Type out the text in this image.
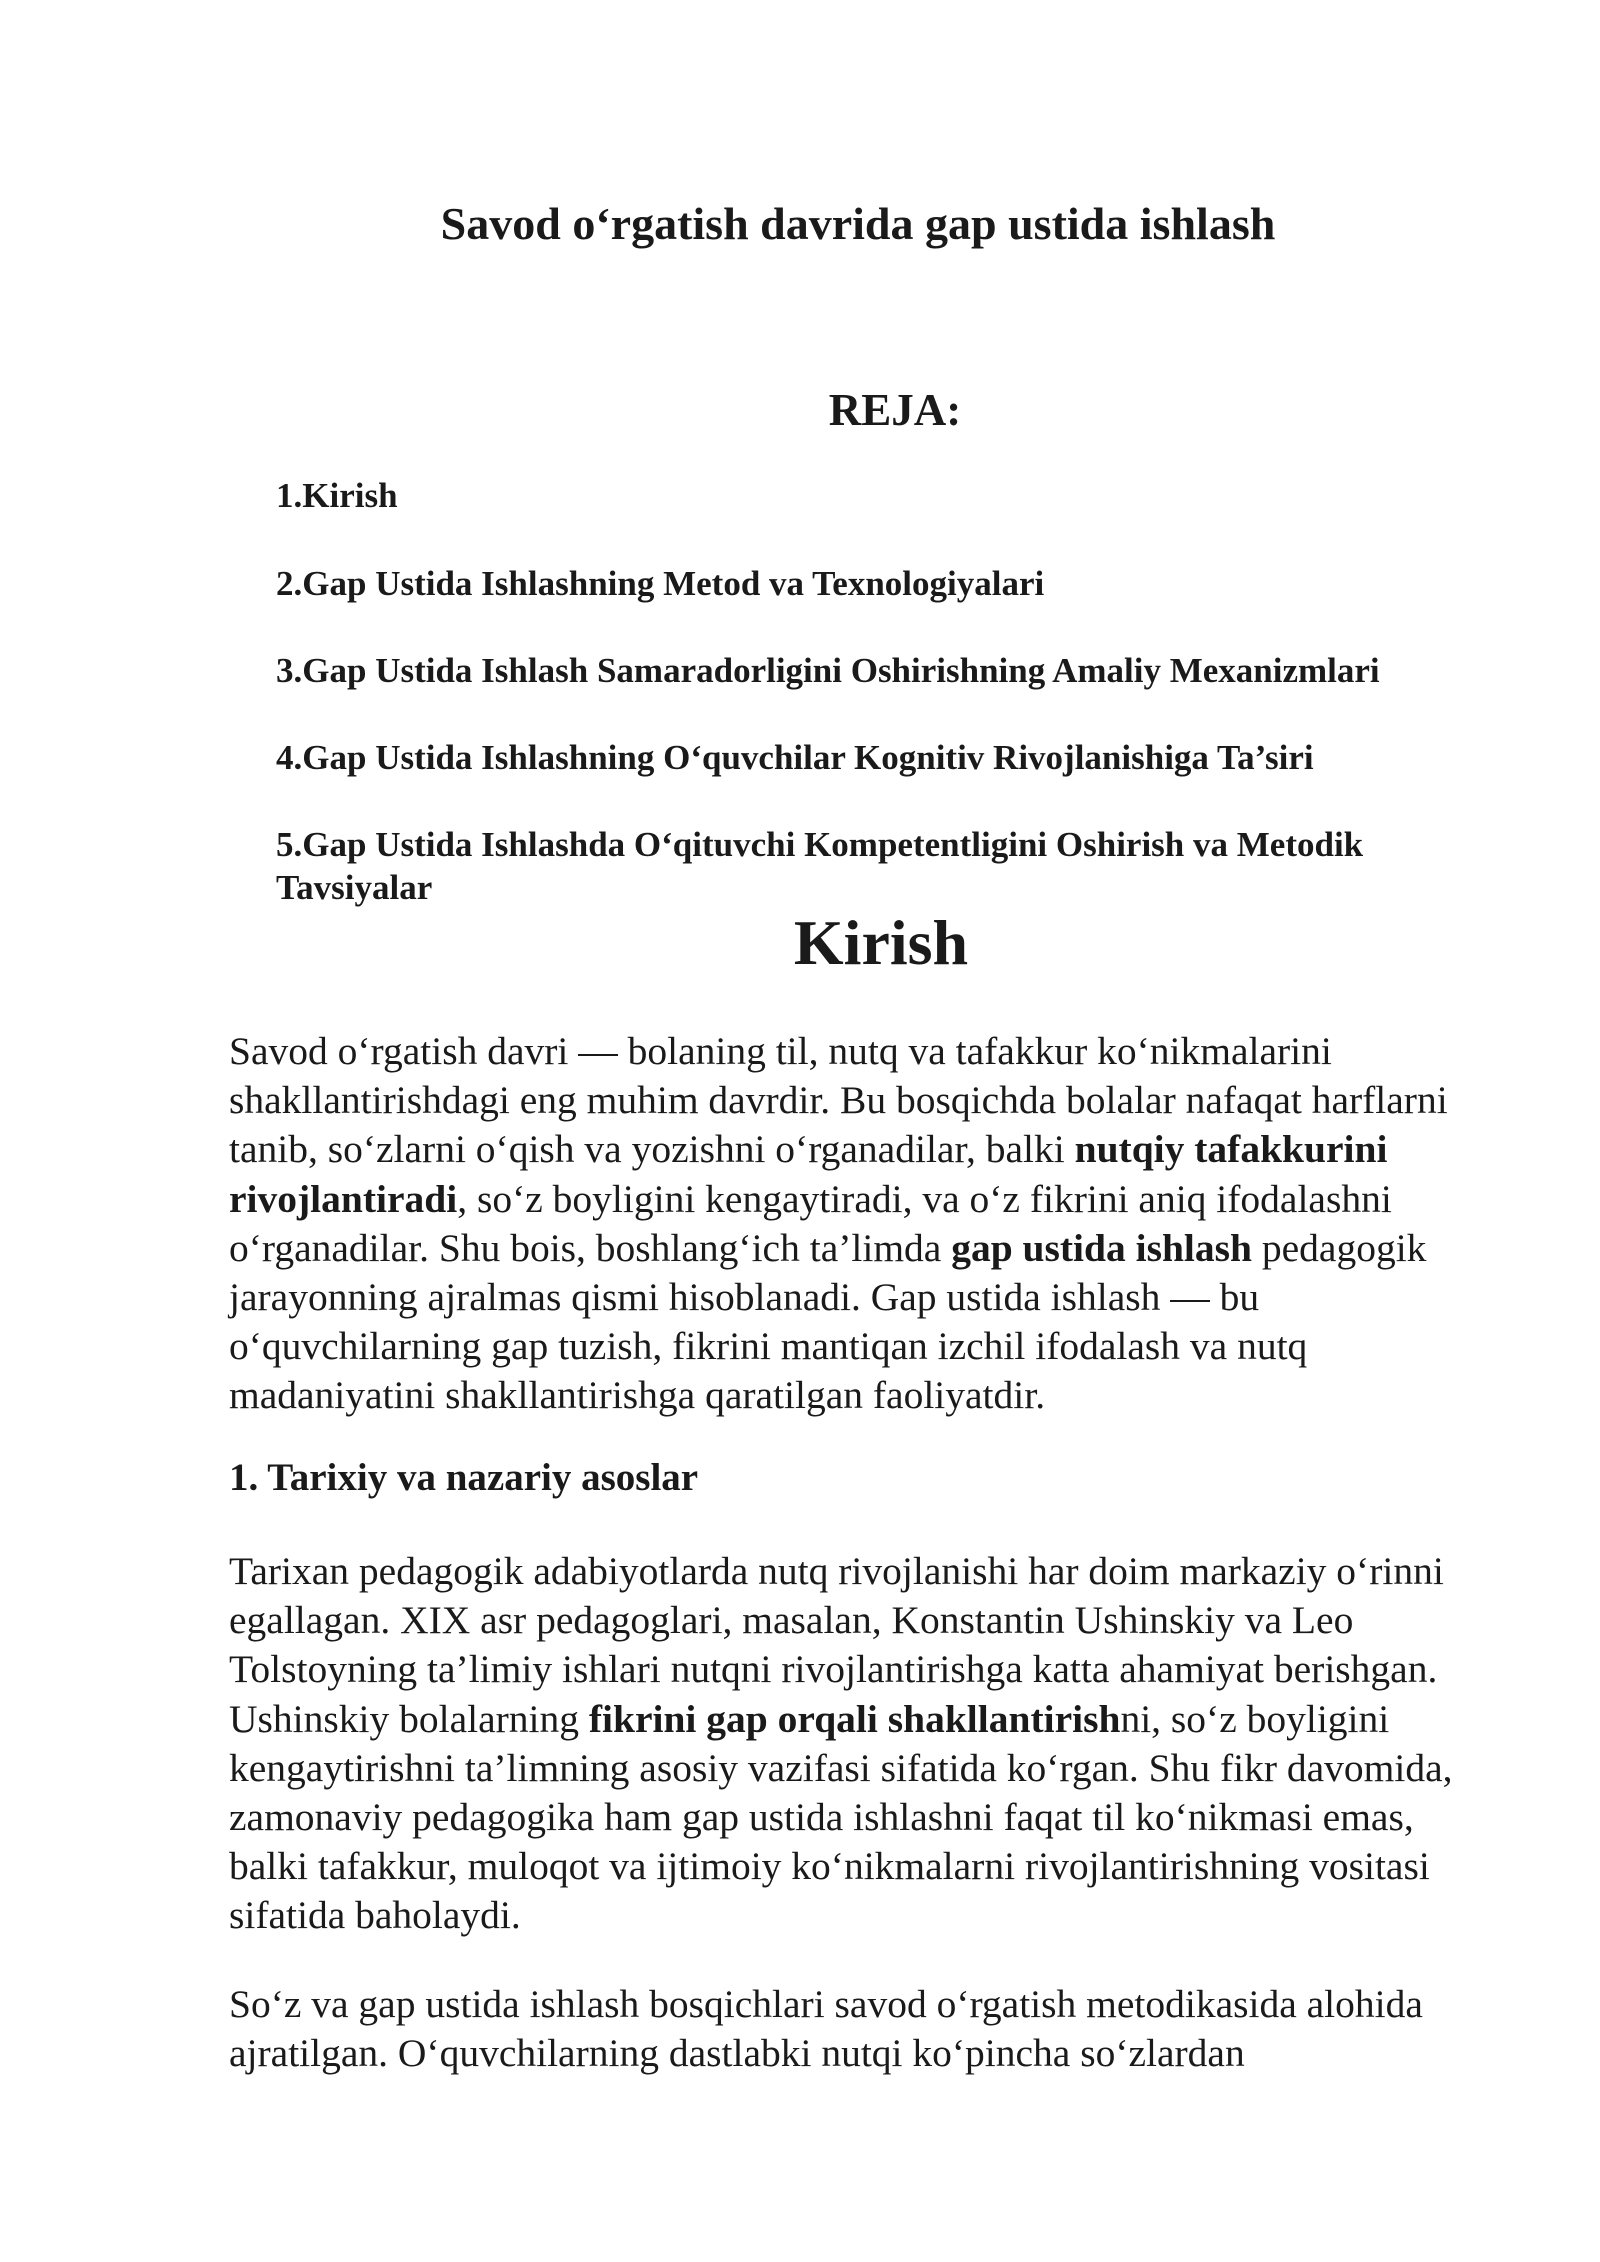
Savod o‘rgatish davrida gap ustida ishlash
REJA:
1.Kirish
2.Gap Ustida Ishlashning Metod va Texnologiyalari
3.Gap Ustida Ishlash Samaradorligini Oshirishning Amaliy Mexanizmlari
4.Gap Ustida Ishlashning O‘quvchilar Kognitiv Rivojlanishiga Ta’siri
5.Gap Ustida Ishlashda O‘qituvchi Kompetentligini Oshirish va Metodik Tavsiyalar
Kirish

Savod o‘rgatish davri — bolaning til, nutq va tafakkur ko‘nikmalarini shakllantirishdagi eng muhim davrdir. Bu bosqichda bolalar nafaqat harflarni tanib, so‘zlarni o‘qish va yozishni o‘rganadilar, balki nutqiy tafakkurini rivojlantiradi, so‘z boyligini kengaytiradi, va o‘z fikrini aniq ifodalashni o‘rganadilar. Shu bois, boshlang‘ich ta’limda gap ustida ishlash pedagogik jarayonning ajralmas qismi hisoblanadi. Gap ustida ishlash — bu o‘quvchilarning gap tuzish, fikrini mantiqan izchil ifodalash va nutq madaniyatini shakllantirishga qaratilgan faoliyatdir.

1. Tarixiy va nazariy asoslar

Tarixan pedagogik adabiyotlarda nutq rivojlanishi har doim markaziy o‘rinni egallagan. XIX asr pedagoglari, masalan, Konstantin Ushinskiy va Leo Tolstoyning ta’limiy ishlari nutqni rivojlantirishga katta ahamiyat berishgan. Ushinskiy bolalarning fikrini gap orqali shakllantirishni, so‘z boyligini kengaytirishni ta’limning asosiy vazifasi sifatida ko‘rgan. Shu fikr davomida, zamonaviy pedagogika ham gap ustida ishlashni faqat til ko‘nikmasi emas, balki tafakkur, muloqot va ijtimoiy ko‘nikmalarni rivojlantirishning vositasi sifatida baholaydi.

So‘z va gap ustida ishlash bosqichlari savod o‘rgatish metodikasida alohida ajratilgan. O‘quvchilarning dastlabki nutqi ko‘pincha so‘zlardan
